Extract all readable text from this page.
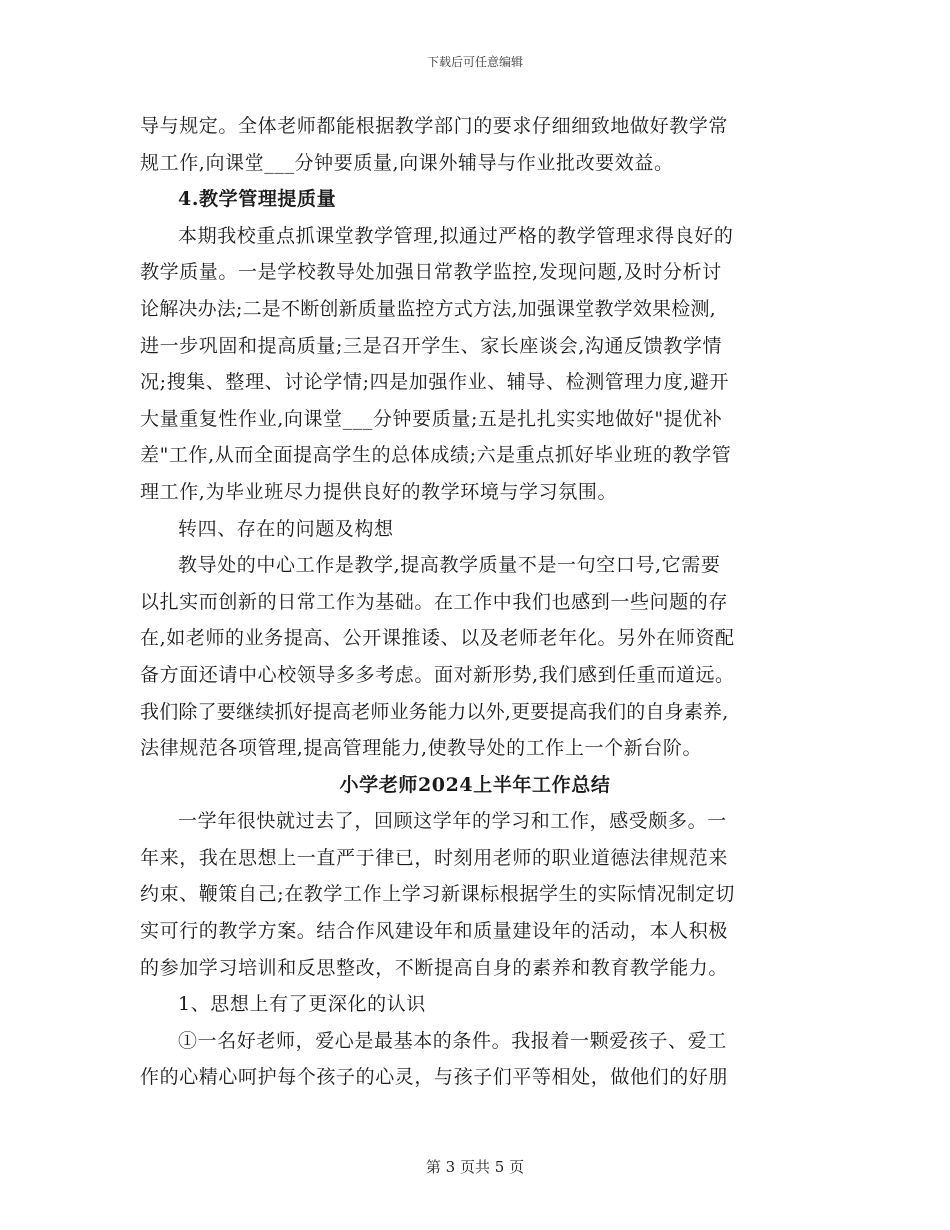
下载后可任意编辑
导与规定。全体老师都能根据教学部门的要求仔细细致地做好教学常
规工作,向课堂___分钟要质量,向课外辅导与作业批改要效益。
4.教学管理提质量
本期我校重点抓课堂教学管理,拟通过严格的教学管理求得良好的
教学质量。一是学校教导处加强日常教学监控,发现问题,及时分析讨
论解决办法;二是不断创新质量监控方式方法,加强课堂教学效果检测,
进一步巩固和提高质量;三是召开学生、家长座谈会,沟通反馈教学情
况;搜集、整理、讨论学情;四是加强作业、辅导、检测管理力度,避开
大量重复性作业,向课堂___分钟要质量;五是扎扎实实地做好"提优补
差"工作,从而全面提高学生的总体成绩;六是重点抓好毕业班的教学管
理工作,为毕业班尽力提供良好的教学环境与学习氛围。
转四、存在的问题及构想
教导处的中心工作是教学,提高教学质量不是一句空口号,它需要
以扎实而创新的日常工作为基础。在工作中我们也感到一些问题的存
在,如老师的业务提高、公开课推诿、以及老师老年化。另外在师资配
备方面还请中心校领导多多考虑。面对新形势,我们感到任重而道远。
我们除了要继续抓好提高老师业务能力以外,更要提高我们的自身素养,
法律规范各项管理,提高管理能力,使教导处的工作上一个新台阶。
小学老师2024上半年工作总结
一学年很快就过去了，回顾这学年的学习和工作，感受颇多。一
年来，我在思想上一直严于律已，时刻用老师的职业道德法律规范来
约束、鞭策自己;在教学工作上学习新课标根据学生的实际情况制定切
实可行的教学方案。结合作风建设年和质量建设年的活动，本人积极
的参加学习培训和反思整改，不断提高自身的素养和教育教学能力。
1、思想上有了更深化的认识
①一名好老师，爱心是最基本的条件。我报着一颗爱孩子、爱工
作的心精心呵护每个孩子的心灵，与孩子们平等相处，做他们的好朋
第 3 页共 5 页
